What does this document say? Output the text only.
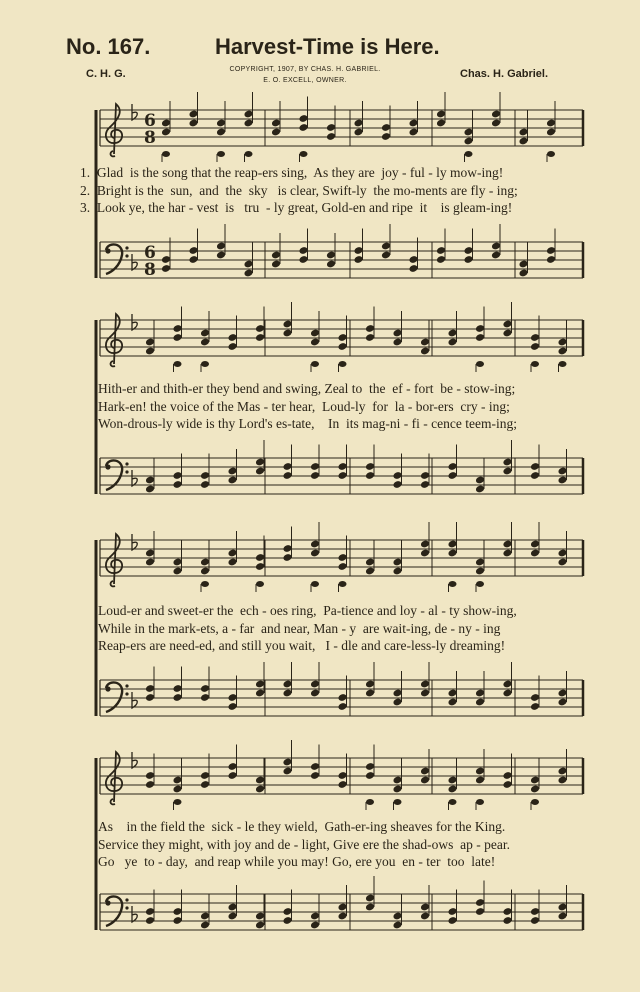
No. 167.	Harvest-Time is Here.
C. H. G.	COPYRIGHT, 1907, BY CHAS. H. GABRIEL.
E. O. EXCELL, OWNER.
Chas. H. Gabriel.
6
8
6
8
1.  Glad  is the song that the reap-ers sing,  As they are  joy - ful - ly mow-ing!
2.  Bright is the  sun,  and  the  sky   is clear, Swift-ly  the mo-ments are fly - ing;
3.  Look ye, the har - vest  is   tru  - ly great, Gold-en and ripe  it    is gleam-ing!
Hith-er and thith-er they bend and swing, Zeal to  the  ef - fort  be - stow-ing;
Hark-en! the voice of the Mas - ter hear,  Loud-ly  for  la - bor-ers  cry - ing;
Won-drous-ly wide is thy Lord's es-tate,    In  its mag-ni - fi - cence teem-ing;
Loud-er and sweet-er the  ech - oes ring,  Pa-tience and loy - al - ty show-ing,
While in the mark-ets, a - far  and near, Man - y  are wait-ing, de - ny - ing
Reap-ers are need-ed, and still you wait,   I - dle and care-less-ly dreaming!
As    in the field the  sick - le they wield,  Gath-er-ing sheaves for the King.
Service they might, with joy and de - light, Give ere the shad-ows  ap - pear.
Go   ye  to - day,  and reap while you may! Go, ere you  en - ter  too  late!
